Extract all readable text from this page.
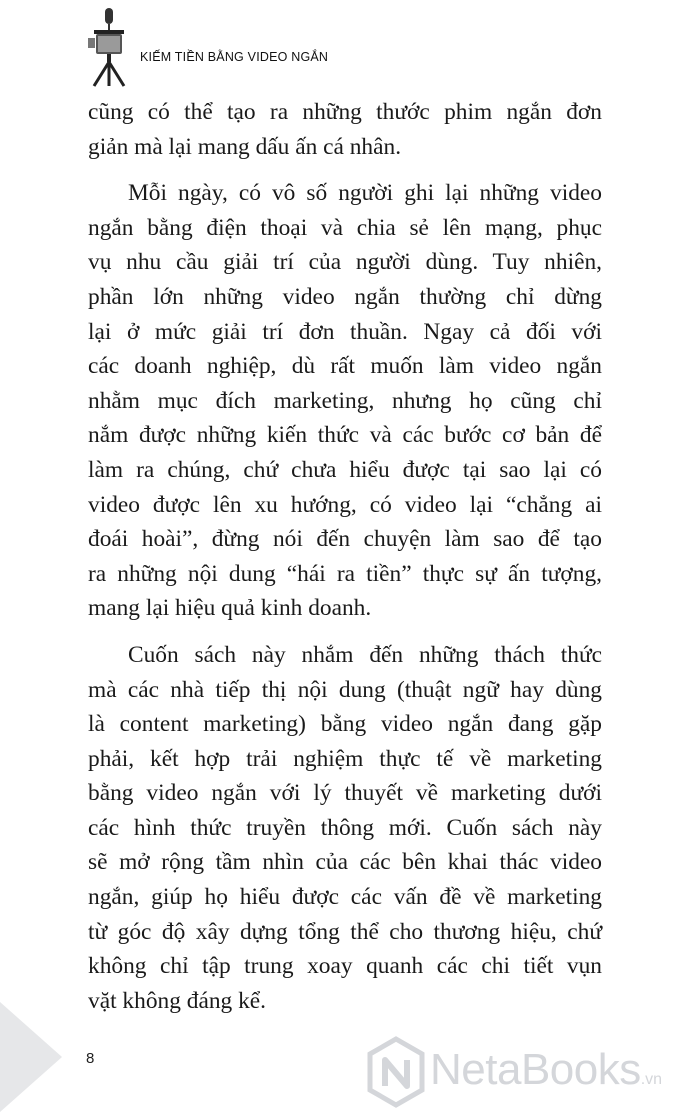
KIẾM TIỀN BẰNG VIDEO NGẮN
cũng có thể tạo ra những thước phim ngắn đơn
giản mà lại mang dấu ấn cá nhân.
Mỗi ngày, có vô số người ghi lại những video
ngắn bằng điện thoại và chia sẻ lên mạng, phục
vụ nhu cầu giải trí của người dùng. Tuy nhiên,
phần lớn những video ngắn thường chỉ dừng
lại ở mức giải trí đơn thuần. Ngay cả đối với
các doanh nghiệp, dù rất muốn làm video ngắn
nhằm mục đích marketing, nhưng họ cũng chỉ
nắm được những kiến thức và các bước cơ bản để
làm ra chúng, chứ chưa hiểu được tại sao lại có
video được lên xu hướng, có video lại “chẳng ai
đoái hoài”, đừng nói đến chuyện làm sao để tạo
ra những nội dung “hái ra tiền” thực sự ấn tượng,
mang lại hiệu quả kinh doanh.
Cuốn sách này nhắm đến những thách thức
mà các nhà tiếp thị nội dung (thuật ngữ hay dùng
là content marketing) bằng video ngắn đang gặp
phải, kết hợp trải nghiệm thực tế về marketing
bằng video ngắn với lý thuyết về marketing dưới
các hình thức truyền thông mới. Cuốn sách này
sẽ mở rộng tầm nhìn của các bên khai thác video
ngắn, giúp họ hiểu được các vấn đề về marketing
từ góc độ xây dựng tổng thể cho thương hiệu, chứ
không chỉ tập trung xoay quanh các chi tiết vụn
vặt không đáng kể.
8	NetaBooks.vn
